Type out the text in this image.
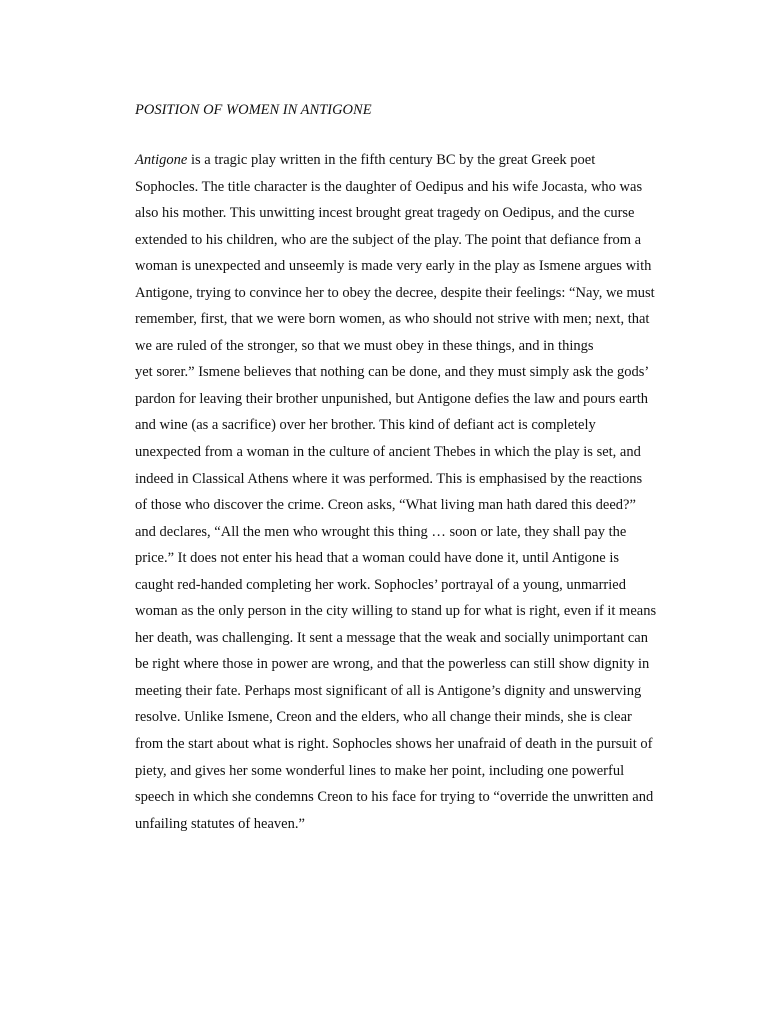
POSITION OF WOMEN IN ANTIGONE
Antigone is a tragic play written in the fifth century BC by the great Greek poet
Sophocles. The title character is the daughter of Oedipus and his wife Jocasta, who was
also his mother. This unwitting incest brought great tragedy on Oedipus, and the curse
extended to his children, who are the subject of the play. The point that defiance from a
woman is unexpected and unseemly is made very early in the play as Ismene argues with
Antigone, trying to convince her to obey the decree, despite their feelings: “Nay, we must
remember, first, that we were born women, as who should not strive with men; next, that
we are ruled of the stronger, so that we must obey in these things, and in things
yet sorer.” Ismene believes that nothing can be done, and they must simply ask the gods’
pardon for leaving their brother unpunished, but Antigone defies the law and pours earth
and wine (as a sacrifice) over her brother. This kind of defiant act is completely
unexpected from a woman in the culture of ancient Thebes in which the play is set, and
indeed in Classical Athens where it was performed. This is emphasised by the reactions
of those who discover the crime. Creon asks, “What living man hath dared this deed?”
and declares, “All the men who wrought this thing … soon or late, they shall pay the
price.” It does not enter his head that a woman could have done it, until Antigone is
caught red-handed completing her work. Sophocles’ portrayal of a young, unmarried
woman as the only person in the city willing to stand up for what is right, even if it means
her death, was challenging. It sent a message that the weak and socially unimportant can
be right where those in power are wrong, and that the powerless can still show dignity in
meeting their fate. Perhaps most significant of all is Antigone’s dignity and unswerving
resolve. Unlike Ismene, Creon and the elders, who all change their minds, she is clear
from the start about what is right. Sophocles shows her unafraid of death in the pursuit of
piety, and gives her some wonderful lines to make her point, including one powerful
speech in which she condemns Creon to his face for trying to “override the unwritten and
unfailing statutes of heaven.”
